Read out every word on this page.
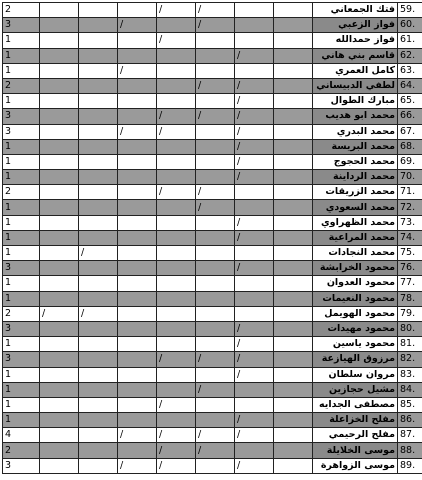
2				/	/			فتك الجمعاني	59.
3			/		/			فواز الزعبي	60.
1				/				فواز حمدالله	61.
1						/		قاسم بني هاني	62.
1			/					كامل العمري	63.
2					/	/		لطفي الدبيساني	64.
1						/		مبارك الطوال	65.
3				/	/	/		محمد ابو هديب	66.
3			/	/		/		محمد البدري	67.
1						/		محمد البريسة	68.
1						/		محمد الحجوج	69.
1						/		محمد الرداينة	70.
2				/	/			محمد الزريقات	71.
1					/			محمد السعودي	72.
1						/		محمد الظهراوي	73.
1						/		محمد المراعية	74.
1		/						محمد النجادات	75.
3						/		محمود الخرابشة	76.
1								محمود العدوان	77.
1								محمود النعيمات	78.
2	/	/						محمود الهويمل	79.
3						/		محمود مهيدات	80.
1						/		محمود ياسين	81.
3				/	/	/		مرزوق الهيازعة	82.
1						/		مروان سلطان	83.
1					/			مشيل حجازين	84.
1				/				مصطفى الجدايه	85.
1						/		مفلح الخزاعلة	86.
4			/	/	/	/		مفلح الرحيمي	87.
2				/	/			موسى الخلايلة	88.
3			/	/		/		موسى الزواهرة	89.
